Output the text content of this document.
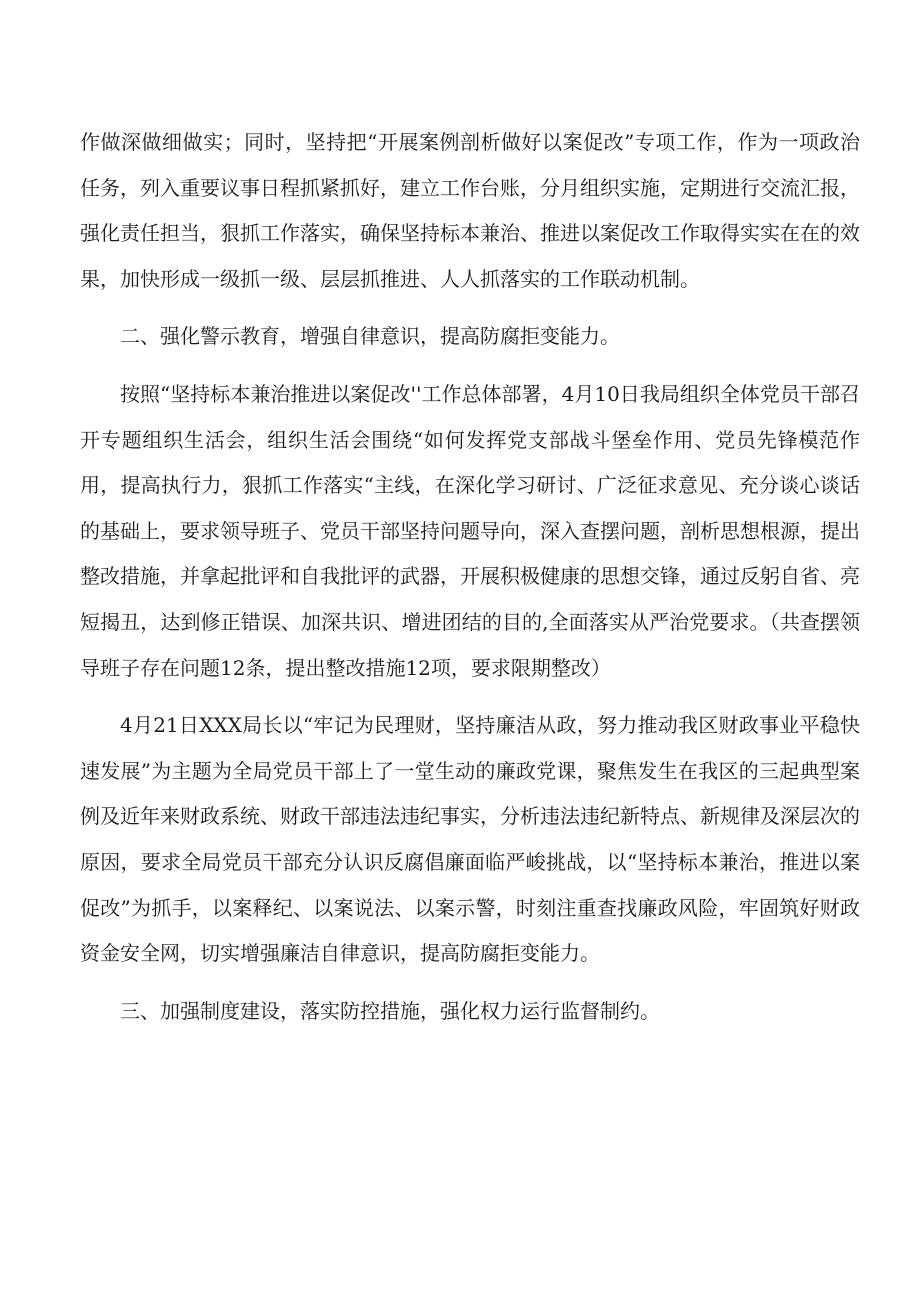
作做深做细做实；同时，坚持把“开展案例剖析做好以案促改”专项工作，作为一项政治任务，列入重要议事日程抓紧抓好，建立工作台账，分月组织实施，定期进行交流汇报，强化责任担当，狠抓工作落实，确保坚持标本兼治、推进以案促改工作取得实实在在的效果，加快形成一级抓一级、层层抓推进、人人抓落实的工作联动机制。

二、强化警示教育，增强自律意识，提高防腐拒变能力。

按照“坚持标本兼治推进以案促改''工作总体部署，4月10日我局组织全体党员干部召开专题组织生活会，组织生活会围绕“如何发挥党支部战斗堡垒作用、党员先锋模范作用，提高执行力，狠抓工作落实“主线，在深化学习研讨、广泛征求意见、充分谈心谈话的基础上，要求领导班子、党员干部坚持问题导向，深入查摆问题，剖析思想根源，提出整改措施，并拿起批评和自我批评的武器，开展积极健康的思想交锋，通过反躬自省、亮短揭丑，达到修正错误、加深共识、增进团结的目的,全面落实从严治党要求。（共查摆领导班子存在问题12条，提出整改措施12项，要求限期整改）

4月21日XXX局长以“牢记为民理财，坚持廉洁从政，努力推动我区财政事业平稳快速发展”为主题为全局党员干部上了一堂生动的廉政党课，聚焦发生在我区的三起典型案例及近年来财政系统、财政干部违法违纪事实，分析违法违纪新特点、新规律及深层次的原因，要求全局党员干部充分认识反腐倡廉面临严峻挑战，以“坚持标本兼治，推进以案促改”为抓手，以案释纪、以案说法、以案示警，时刻注重查找廉政风险，牢固筑好财政资金安全网，切实增强廉洁自律意识，提高防腐拒变能力。

三、加强制度建设，落实防控措施，强化权力运行监督制约。
